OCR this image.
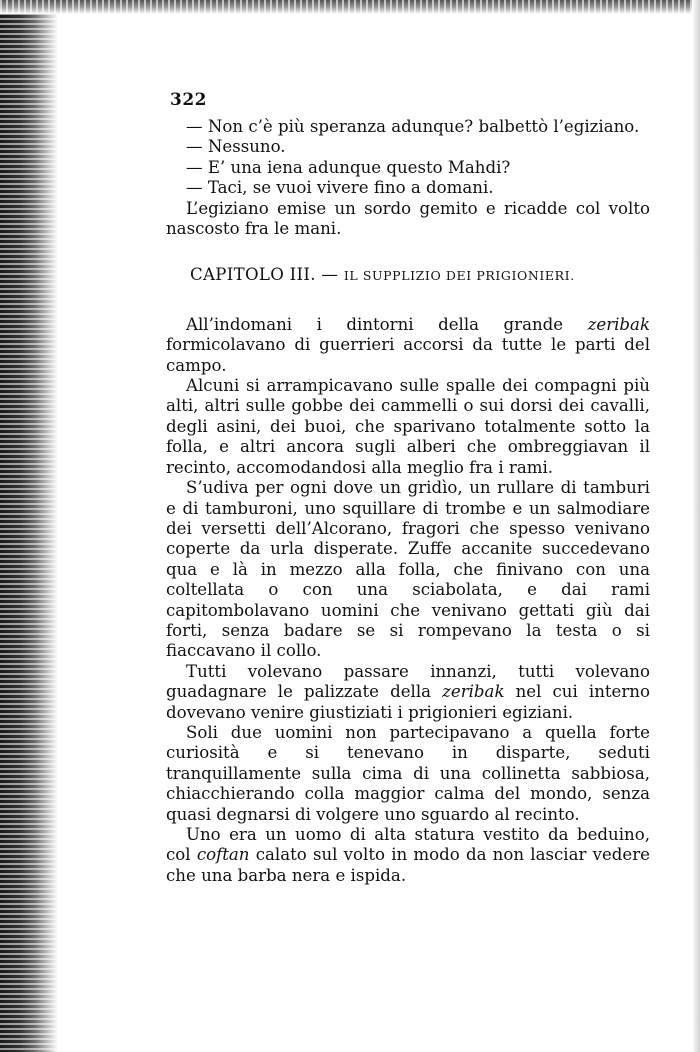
322

— Non c’è più speranza adunque? balbettò l’egiziano.

— Nessuno.

— E’ una iena adunque questo Mahdi?

— Taci, se vuoi vivere fino a domani.

L’egiziano emise un sordo gemito e ricadde col volto nascosto fra le mani.

CAPITOLO III. — IL SUPPLIZIO DEI PRIGIONIERI.

All’indomani i dintorni della grande zeribak formicolavano di guerrieri accorsi da tutte le parti del campo.

Alcuni si arrampicavano sulle spalle dei compagni più alti, altri sulle gobbe dei cammelli o sui dorsi dei cavalli, degli asini, dei buoi, che sparivano totalmente sotto la folla, e altri ancora sugli alberi che ombreggiavan il recinto, accomodandosi alla meglio fra i rami.

S’udiva per ogni dove un gridìo, un rullare di tamburi e di tamburoni, uno squillare di trombe e un salmodiare dei versetti dell’Alcorano, fragori che spesso venivano coperte da urla disperate. Zuffe accanite succedevano qua e là in mezzo alla folla, che finivano con una coltellata o con una sciabolata, e dai rami capitombolavano uomini che venivano gettati giù dai forti, senza badare se si rompevano la testa o si fiaccavano il collo.

Tutti volevano passare innanzi, tutti volevano guadagnare le palizzate della zeribak nel cui interno dovevano venire giustiziati i prigionieri egiziani.

Soli due uomini non partecipavano a quella forte curiosità e si tenevano in disparte, seduti tranquillamente sulla cima di una collinetta sabbiosa, chiacchierando colla maggior calma del mondo, senza quasi degnarsi di volgere uno sguardo al recinto.

Uno era un uomo di alta statura vestito da beduino, col coftan calato sul volto in modo da non lasciar vedere che una barba nera e ispida.
